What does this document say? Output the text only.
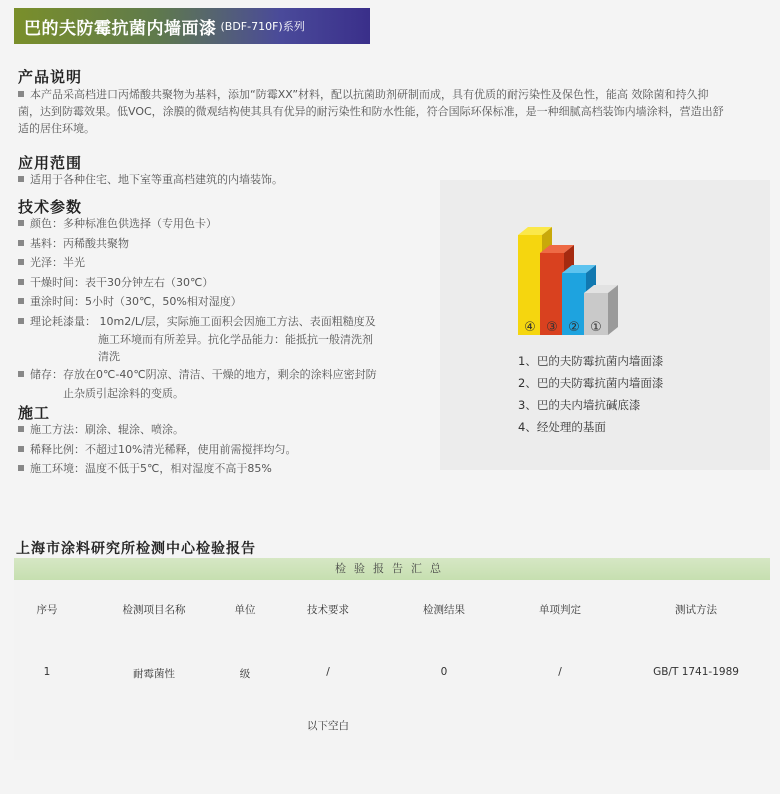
巴的夫防霉抗菌内墙面漆 (BDF-710F)系列
产品说明
本产品采高档进口丙烯酸共聚物为基料，添加“防霉XX”材料，配以抗菌助剂研制而成，具有优质的耐污染性及保色性，能高 效除菌和持久抑
菌，达到防霉效果。低VOC，涂膜的微观结构使其具有优异的耐污染性和防水性能，符合国际环保标准，是一种细腻高档装饰内墙涂料，营造出舒
适的居住环境。
应用范围
适用于各种住宅、地下室等重高档建筑的内墙装饰。
技术参数
颜色：多种标准色供选择（专用色卡）
基料：丙稀酸共聚物
光泽：半光
干燥时间：表干30分钟左右（30℃）
重涂时间：5小时（30℃，50%相对湿度）
理论耗漆量： 10m2/L/层，实际施工面积会因施工方法、表面粗糙度及
施工环境而有所差异。抗化学品能力：能抵抗一般清洗剂
清洗
储存：存放在0℃-40℃阴凉、清洁、干燥的地方，剩余的涂料应密封防
止杂质引起涂料的变质。
施工
施工方法：刷涂、辊涂、喷涂。
稀释比例：不超过10%清光稀释，使用前需搅拌均匀。
施工环境：温度不低于5℃，相对湿度不高于85%
④ ③ ② ①
1、巴的夫防霉抗菌内墙面漆
2、巴的夫防霉抗菌内墙面漆
3、巴的夫内墙抗碱底漆
4、经处理的基面
上海市涂料研究所检测中心检验报告
检验报告汇总
序号	检测项目名称	单位	技术要求	检测结果	单项判定	测试方法
1	耐霉菌性	级	/	0	/	GB/T 1741-1989
以下空白
